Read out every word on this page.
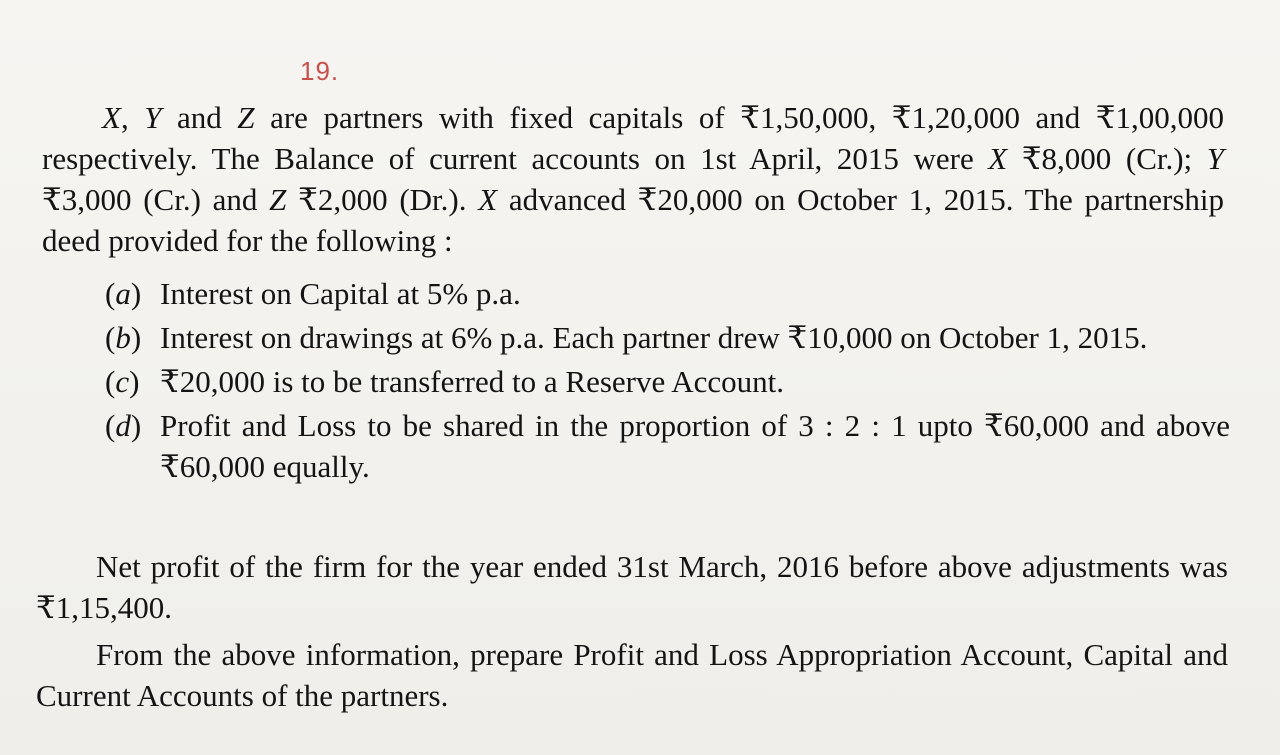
19.

X, Y and Z are partners with fixed capitals of ₹1,50,000, ₹1,20,000 and ₹1,00,000 respectively. The Balance of current accounts on 1st April, 2015 were X ₹8,000 (Cr.); Y ₹3,000 (Cr.) and Z ₹2,000 (Dr.). X advanced ₹20,000 on October 1, 2015. The partnership deed provided for the following :

(a) Interest on Capital at 5% p.a.
(b) Interest on drawings at 6% p.a. Each partner drew ₹10,000 on October 1, 2015.
(c) ₹20,000 is to be transferred to a Reserve Account.
(d) Profit and Loss to be shared in the proportion of 3 : 2 : 1 upto ₹60,000 and above ₹60,000 equally.

Net profit of the firm for the year ended 31st March, 2016 before above adjustments was ₹1,15,400.

From the above information, prepare Profit and Loss Appropriation Account, Capital and Current Accounts of the partners.
